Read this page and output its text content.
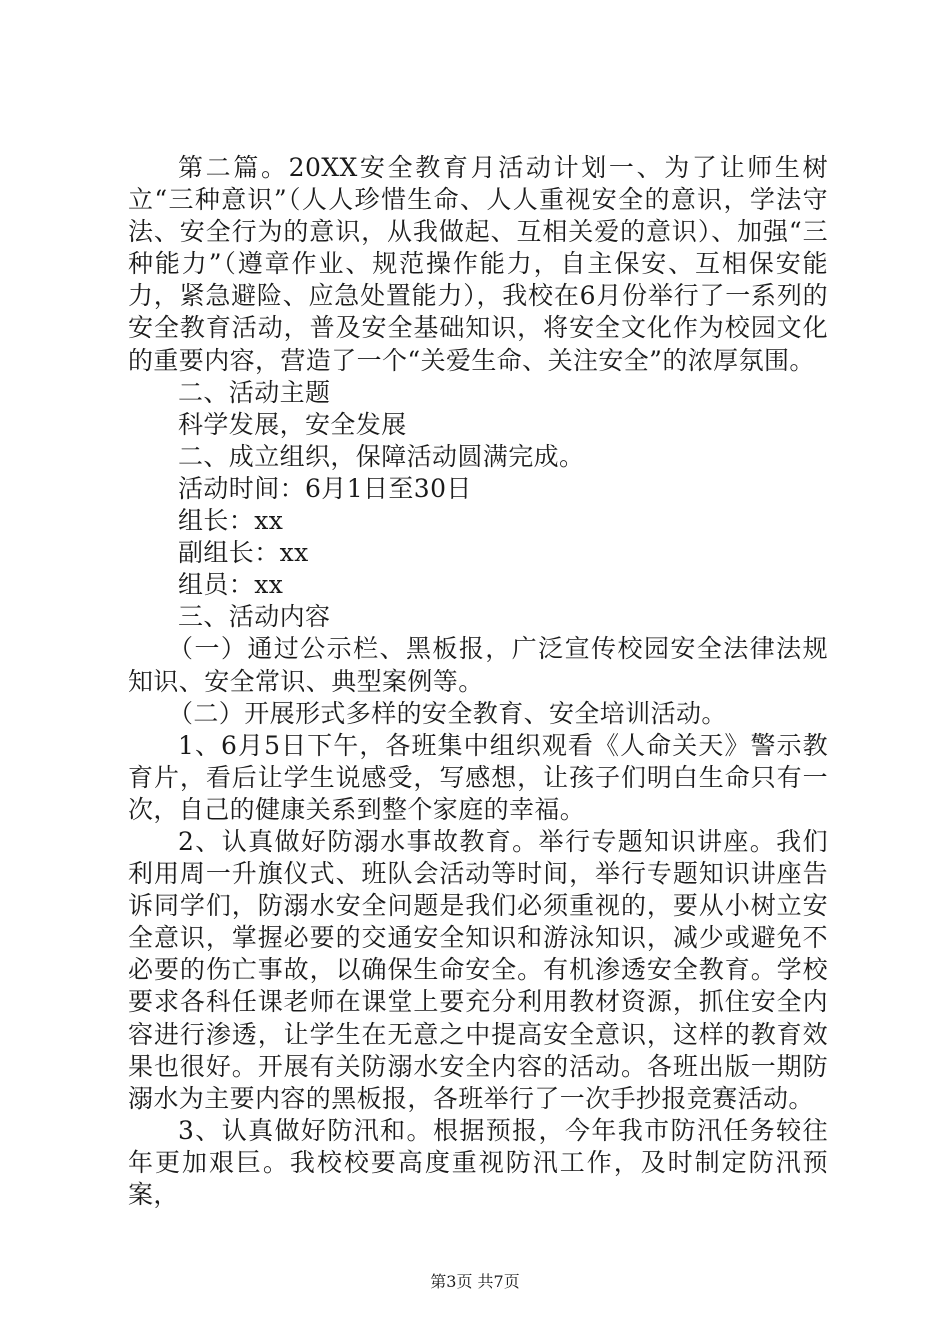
第二篇。20XX安全教育月活动计划一、为了让师生树立“三种意识”（人人珍惜生命、人人重视安全的意识，学法守法、安全行为的意识，从我做起、互相关爱的意识）、加强“三种能力”（遵章作业、规范操作能力，自主保安、互相保安能力，紧急避险、应急处置能力），我校在6月份举行了一系列的安全教育活动，普及安全基础知识，将安全文化作为校园文化的重要内容，营造了一个“关爱生命、关注安全”的浓厚氛围。

二、活动主题

科学发展，安全发展

二、成立组织，保障活动圆满完成。

活动时间：6月1日至30日

组长：xx

副组长：xx

组员：xx

三、活动内容

（一）通过公示栏、黑板报，广泛宣传校园安全法律法规知识、安全常识、典型案例等。

（二）开展形式多样的安全教育、安全培训活动。

1、6月5日下午，各班集中组织观看《人命关天》警示教育片，看后让学生说感受，写感想，让孩子们明白生命只有一次，自己的健康关系到整个家庭的幸福。

2、认真做好防溺水事故教育。举行专题知识讲座。我们利用周一升旗仪式、班队会活动等时间，举行专题知识讲座告诉同学们，防溺水安全问题是我们必须重视的，要从小树立安全意识，掌握必要的交通安全知识和游泳知识，减少或避免不必要的伤亡事故，以确保生命安全。有机渗透安全教育。学校要求各科任课老师在课堂上要充分利用教材资源，抓住安全内容进行渗透，让学生在无意之中提高安全意识，这样的教育效果也很好。开展有关防溺水安全内容的活动。各班出版一期防溺水为主要内容的黑板报，各班举行了一次手抄报竞赛活动。

3、认真做好防汛和。根据预报，今年我市防汛任务较往年更加艰巨。我校校要高度重视防汛工作，及时制定防汛预案，

第3页 共7页
